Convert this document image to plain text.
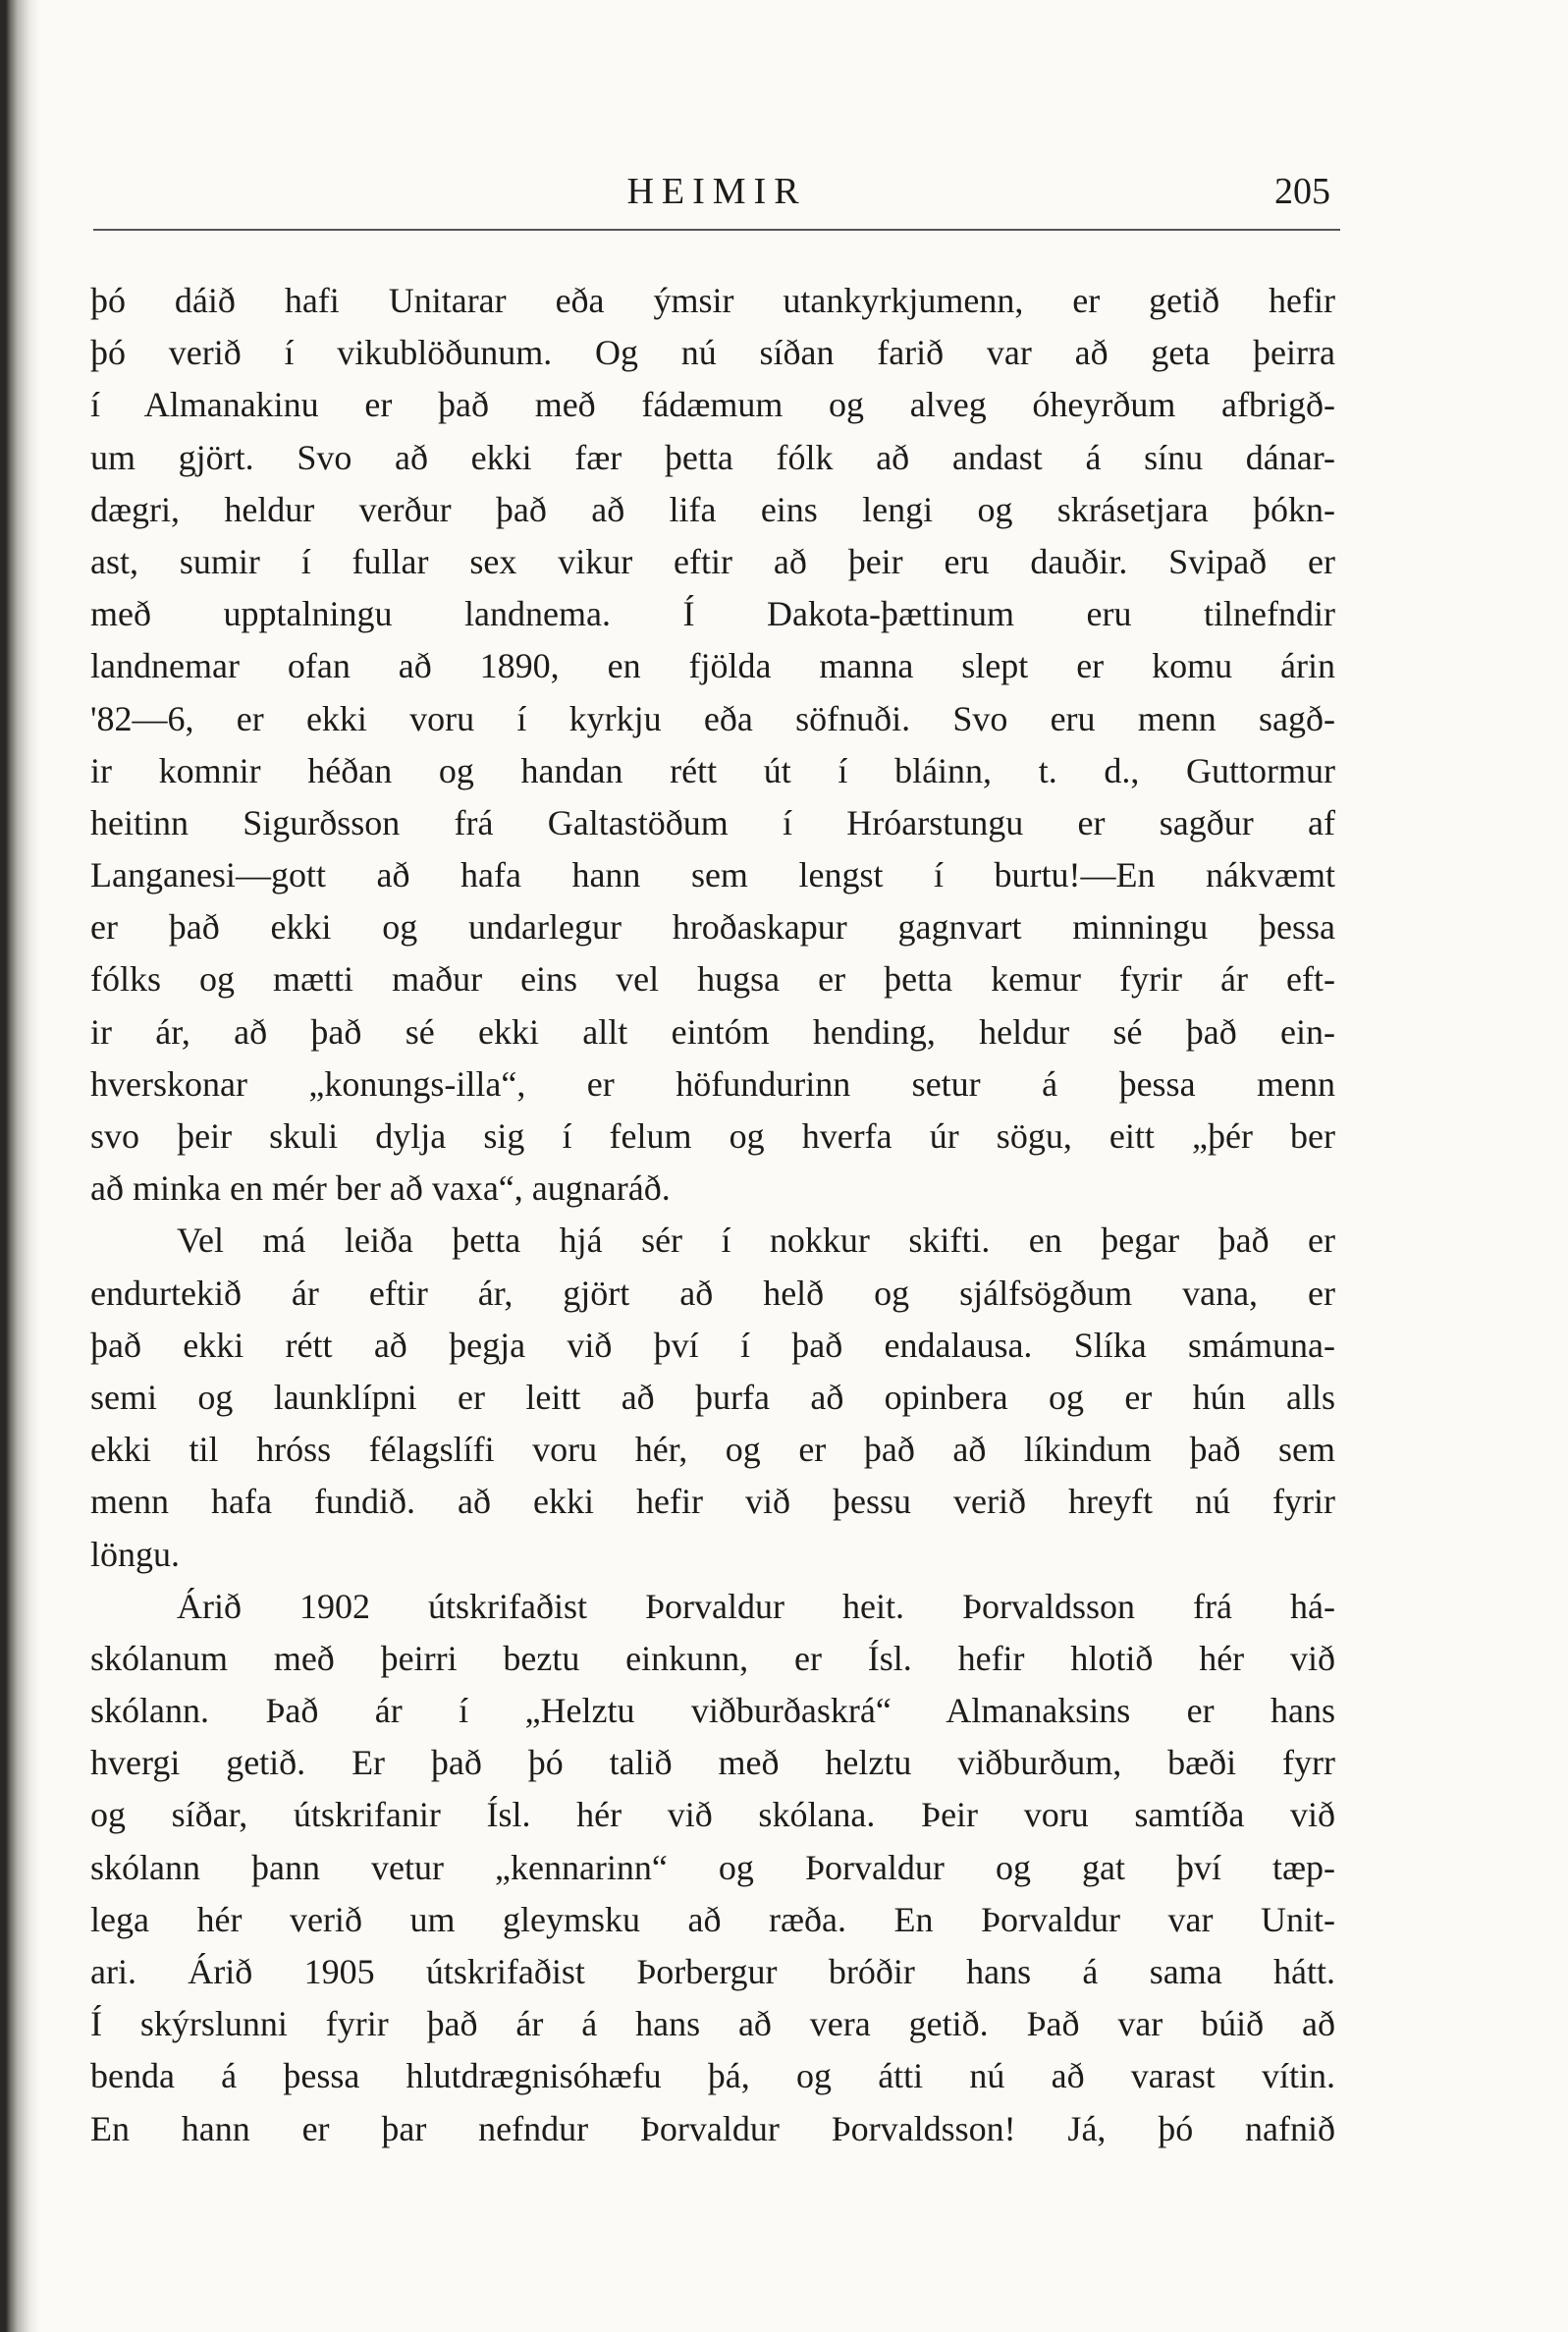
HEIMIR	205
þó dáið hafi Unitarar eða ýmsir utankyrkjumenn, er getið hefir
þó verið í vikublöðunum. Og nú síðan farið var að geta þeirra
í Almanakinu er það með fádæmum og alveg óheyrðum afbrigð-
um gjört. Svo að ekki fær þetta fólk að andast á sínu dánar-
dægri, heldur verður það að lifa eins lengi og skrásetjara þókn-
ast, sumir í fullar sex vikur eftir að þeir eru dauðir. Svipað er
með upptalningu landnema. Í Dakota-þættinum eru tilnefndir
landnemar ofan að 1890, en fjölda manna slept er komu árin
'82—6, er ekki voru í kyrkju eða söfnuði. Svo eru menn sagð-
ir komnir héðan og handan rétt út í bláinn, t. d., Guttormur
heitinn Sigurðsson frá Galtastöðum í Hróarstungu er sagður af
Langanesi—gott að hafa hann sem lengst í burtu!—En nákvæmt
er það ekki og undarlegur hroðaskapur gagnvart minningu þessa
fólks og mætti maður eins vel hugsa er þetta kemur fyrir ár eft-
ir ár, að það sé ekki allt eintóm hending, heldur sé það ein-
hverskonar „konungs-illa“, er höfundurinn setur á þessa menn
svo þeir skuli dylja sig í felum og hverfa úr sögu, eitt „þér ber
að minka en mér ber að vaxa“, augnaráð.
Vel má leiða þetta hjá sér í nokkur skifti. en þegar það er
endurtekið ár eftir ár, gjört að helð og sjálfsögðum vana, er
það ekki rétt að þegja við því í það endalausa. Slíka smámuna-
semi og launklípni er leitt að þurfa að opinbera og er hún alls
ekki til hróss félagslífi voru hér, og er það að líkindum það sem
menn hafa fundið. að ekki hefir við þessu verið hreyft nú fyrir
löngu.
Árið 1902 útskrifaðist Þorvaldur heit. Þorvaldsson frá há-
skólanum með þeirri beztu einkunn, er Ísl. hefir hlotið hér við
skólann. Það ár í „Helztu viðburðaskrá“ Almanaksins er hans
hvergi getið. Er það þó talið með helztu viðburðum, bæði fyrr
og síðar, útskrifanir Ísl. hér við skólana. Þeir voru samtíða við
skólann þann vetur „kennarinn“ og Þorvaldur og gat því tæp-
lega hér verið um gleymsku að ræða. En Þorvaldur var Unit-
ari. Árið 1905 útskrifaðist Þorbergur bróðir hans á sama hátt.
Í skýrslunni fyrir það ár á hans að vera getið. Það var búið að
benda á þessa hlutdrægnisóhæfu þá, og átti nú að varast vítin.
En hann er þar nefndur Þorvaldur Þorvaldsson! Já, þó nafnið
